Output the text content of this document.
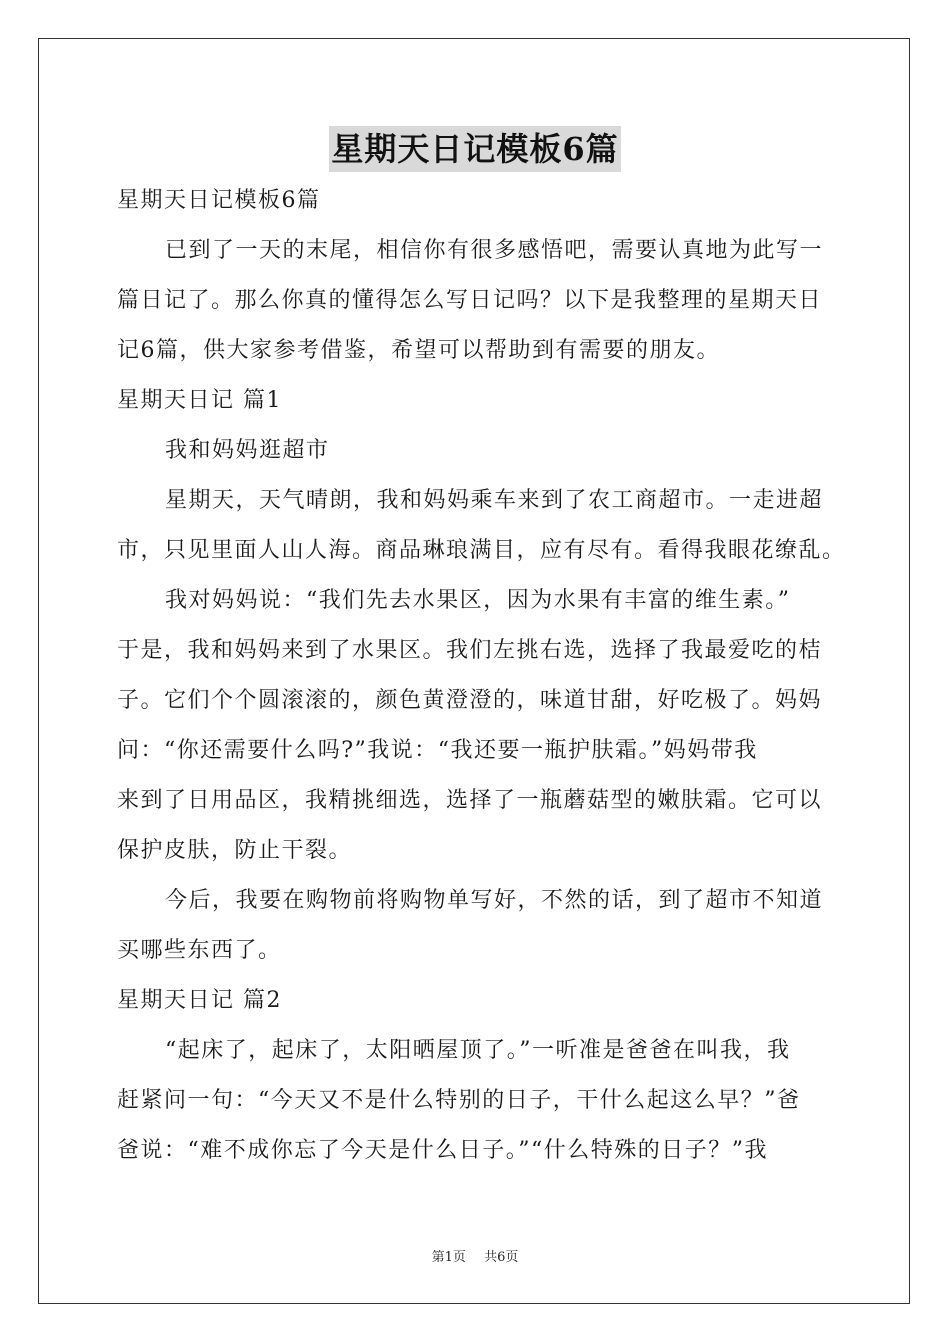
星期天日记模板6篇
星期天日记模板6篇
已到了一天的末尾，相信你有很多感悟吧，需要认真地为此写一
篇日记了。那么你真的懂得怎么写日记吗？以下是我整理的星期天日
记6篇，供大家参考借鉴，希望可以帮助到有需要的朋友。
星期天日记 篇1
我和妈妈逛超市
星期天，天气晴朗，我和妈妈乘车来到了农工商超市。一走进超
市，只见里面人山人海。商品琳琅满目，应有尽有。看得我眼花缭乱。
我对妈妈说：“我们先去水果区，因为水果有丰富的维生素。”
于是，我和妈妈来到了水果区。我们左挑右选，选择了我最爱吃的桔
子。它们个个圆滚滚的，颜色黄澄澄的，味道甘甜，好吃极了。妈妈
问：“你还需要什么吗?”我说：“我还要一瓶护肤霜。”妈妈带我
来到了日用品区，我精挑细选，选择了一瓶蘑菇型的嫩肤霜。它可以
保护皮肤，防止干裂。
今后，我要在购物前将购物单写好，不然的话，到了超市不知道
买哪些东西了。
星期天日记 篇2
“起床了，起床了，太阳晒屋顶了。”一听准是爸爸在叫我，我
赶紧问一句：“今天又不是什么特别的日子，干什么起这么早？”爸
爸说：“难不成你忘了今天是什么日子。”“什么特殊的日子？”我
第1页 共6页
